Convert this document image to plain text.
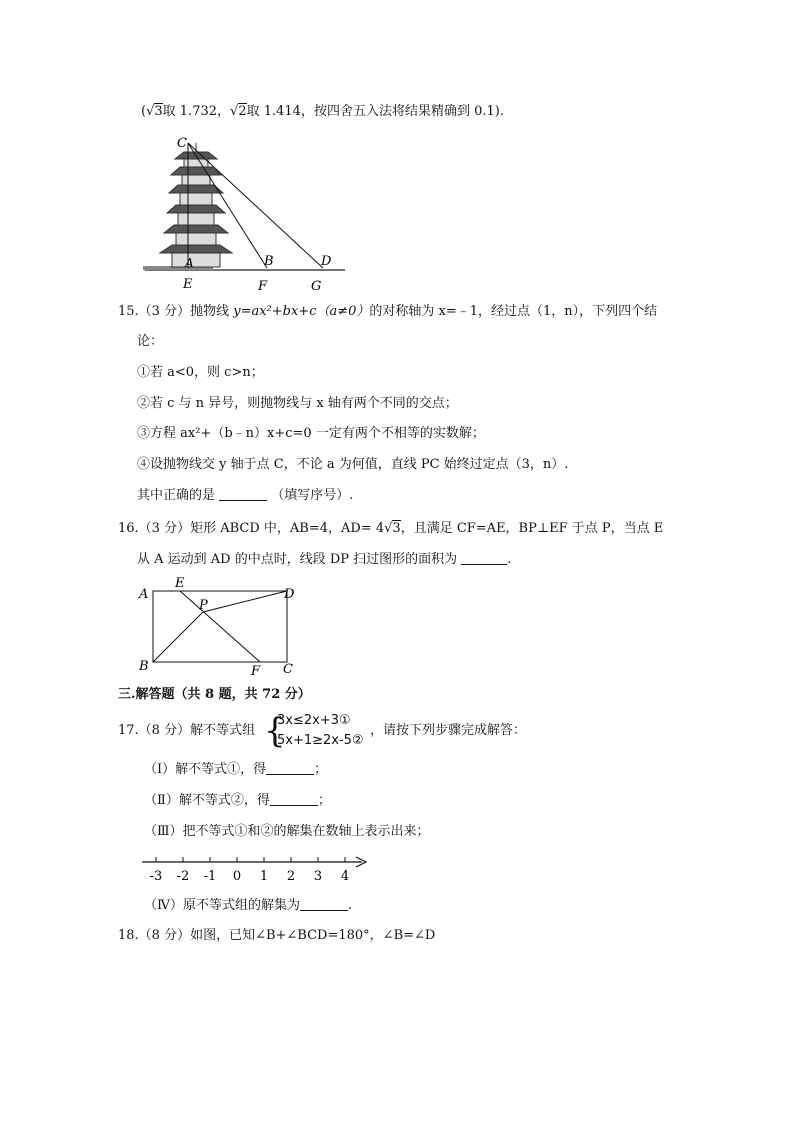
(√3取 1.732，√2取 1.414，按四舍五入法将结果精确到 0.1).
C
A	B	D
E	F	G
15.（3 分）抛物线 y=ax²+bx+c（a≠0）的对称轴为 x=﹣1，经过点（1，n），下列四个结
论：
①若 a<0，则 c>n；
②若 c 与 n 异号，则抛物线与 x 轴有两个不同的交点；
③方程 ax²+（b﹣n）x+c=0 一定有两个不相等的实数解；
④设抛物线交 y 轴于点 C，不论 a 为何值，直线 PC 始终过定点（3，n）.
其中正确的是	（填写序号）.
16.（3 分）矩形 ABCD 中，AB=4，AD= 4√3，且满足 CF=AE，BP⊥EF 于点 P，当点 E
从 A 运动到 AD 的中点时，线段 DP 扫过图形的面积为	.
A
E
P
D
B	F C
三.解答题（共 8 题，共 72 分）
17.（8 分）解不等式组 {
3x≤2x+3①
5x+1≥2x-5②
，请按下列步骤完成解答：
（Ⅰ）解不等式①，得	；
（Ⅱ）解不等式②，得	；
（Ⅲ）把不等式①和②的解集在数轴上表示出来；
-3 -2 -1 0 1 2 3 4
（Ⅳ）原不等式组的解集为	.
18.（8 分）如图，已知∠B+∠BCD=180°，∠B=∠D
